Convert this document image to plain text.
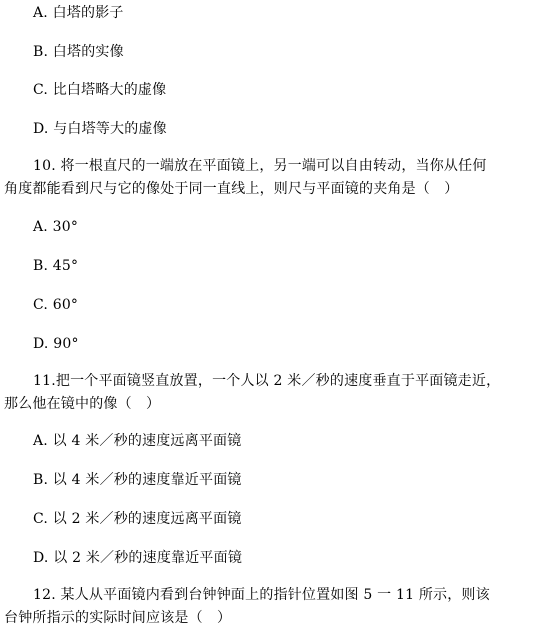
A. 白塔的影子
B. 白塔的实像
C. 比白塔略大的虚像
D. 与白塔等大的虚像
10. 将一根直尺的一端放在平面镜上，另一端可以自由转动，当你从任何
角度都能看到尺与它的像处于同一直线上，则尺与平面镜的夹角是（　）
A. 30°
B. 45°
C. 60°
D. 90°
11.把一个平面镜竖直放置，一个人以 2 米／秒的速度垂直于平面镜走近，
那么他在镜中的像（　）
A. 以 4 米／秒的速度远离平面镜
B. 以 4 米／秒的速度靠近平面镜
C. 以 2 米／秒的速度远离平面镜
D. 以 2 米／秒的速度靠近平面镜
12. 某人从平面镜内看到台钟钟面上的指针位置如图 5 一 11 所示，则该
台钟所指示的实际时间应该是（　）
